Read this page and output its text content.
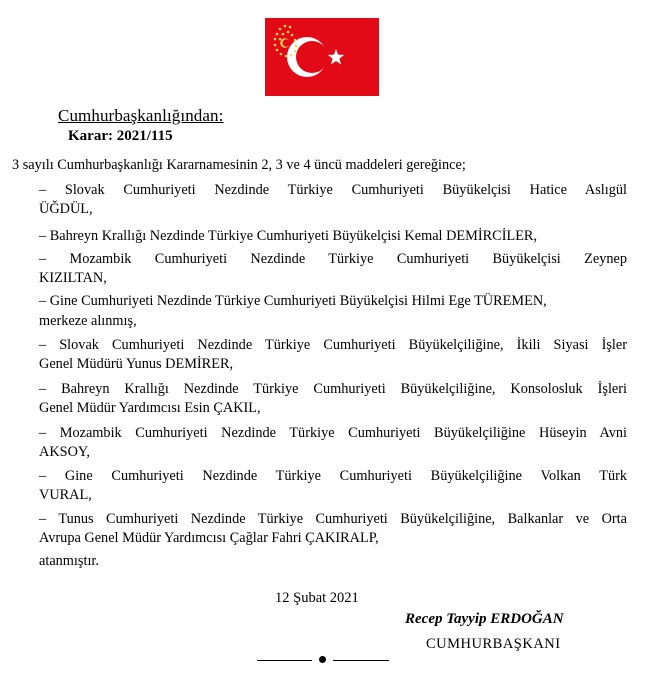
Cumhurbaşkanlığından:
Karar: 2021/115
3 sayılı Cumhurbaşkanlığı Kararnamesinin 2, 3 ve 4 üncü maddeleri gereğince;
– Slovak Cumhuriyeti Nezdinde Türkiye Cumhuriyeti Büyükelçisi Hatice Aslıgül
ÜĞDÜL,
– Bahreyn Krallığı Nezdinde Türkiye Cumhuriyeti Büyükelçisi Kemal DEMİRCİLER,
– Mozambik Cumhuriyeti Nezdinde Türkiye Cumhuriyeti Büyükelçisi Zeynep
KIZILTAN,
– Gine Cumhuriyeti Nezdinde Türkiye Cumhuriyeti Büyükelçisi Hilmi Ege TÜREMEN,
merkeze alınmış,
– Slovak Cumhuriyeti Nezdinde Türkiye Cumhuriyeti Büyükelçiliğine, İkili Siyasi İşler
Genel Müdürü Yunus DEMİRER,
– Bahreyn Krallığı Nezdinde Türkiye Cumhuriyeti Büyükelçiliğine, Konsolosluk İşleri
Genel Müdür Yardımcısı Esin ÇAKIL,
– Mozambik Cumhuriyeti Nezdinde Türkiye Cumhuriyeti Büyükelçiliğine Hüseyin Avni
AKSOY,
– Gine Cumhuriyeti Nezdinde Türkiye Cumhuriyeti Büyükelçiliğine Volkan Türk
VURAL,
– Tunus Cumhuriyeti Nezdinde Türkiye Cumhuriyeti Büyükelçiliğine, Balkanlar ve Orta
Avrupa Genel Müdür Yardımcısı Çağlar Fahri ÇAKIRALP,
atanmıştır.
12 Şubat 2021
Recep Tayyip ERDOĞAN
CUMHURBAŞKANI
